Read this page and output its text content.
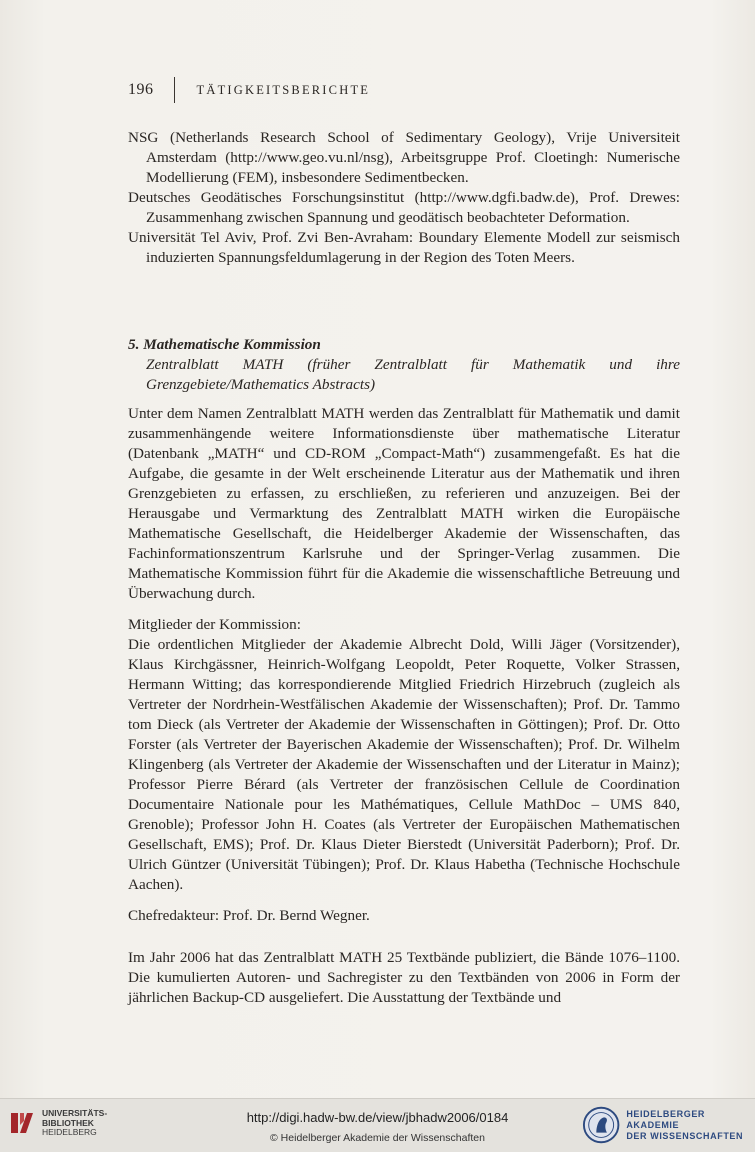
196	TÄTIGKEITSBERICHTE

NSG (Netherlands Research School of Sedimentary Geology), Vrije Universiteit Amsterdam (http://www.geo.vu.nl/nsg), Arbeitsgruppe Prof. Cloetingh: Numerische Modellierung (FEM), insbesondere Sedimentbecken.

Deutsches Geodätisches Forschungsinstitut (http://www.dgfi.badw.de), Prof. Drewes: Zusammenhang zwischen Spannung und geodätisch beobachteter Deformation.

Universität Tel Aviv, Prof. Zvi Ben-Avraham: Boundary Elemente Modell zur seismisch induzierten Spannungsfeldumlagerung in der Region des Toten Meers.

5. Mathematische Kommission

Zentralblatt MATH (früher Zentralblatt für Mathematik und ihre Grenzgebiete/Mathematics Abstracts)

Unter dem Namen Zentralblatt MATH werden das Zentralblatt für Mathematik und damit zusammenhängende weitere Informationsdienste über mathematische Literatur (Datenbank „MATH“ und CD-ROM „Compact-Math“) zusammengefaßt. Es hat die Aufgabe, die gesamte in der Welt erscheinende Literatur aus der Mathematik und ihren Grenzgebieten zu erfassen, zu erschließen, zu referieren und anzuzeigen. Bei der Herausgabe und Vermarktung des Zentralblatt MATH wirken die Europäische Mathematische Gesellschaft, die Heidelberger Akademie der Wissenschaften, das Fachinformationszentrum Karlsruhe und der Springer-Verlag zusammen. Die Mathematische Kommission führt für die Akademie die wissenschaftliche Betreuung und Überwachung durch.

Mitglieder der Kommission:

Die ordentlichen Mitglieder der Akademie Albrecht Dold, Willi Jäger (Vorsitzender), Klaus Kirchgässner, Heinrich-Wolfgang Leopoldt, Peter Roquette, Volker Strassen, Hermann Witting; das korrespondierende Mitglied Friedrich Hirzebruch (zugleich als Vertreter der Nordrhein-Westfälischen Akademie der Wissenschaften); Prof. Dr. Tammo tom Dieck (als Vertreter der Akademie der Wissenschaften in Göttingen); Prof. Dr. Otto Forster (als Vertreter der Bayerischen Akademie der Wissenschaften); Prof. Dr. Wilhelm Klingenberg (als Vertreter der Akademie der Wissenschaften und der Literatur in Mainz); Professor Pierre Bérard (als Vertreter der französischen Cellule de Coordination Documentaire Nationale pour les Mathématiques, Cellule MathDoc – UMS 840, Grenoble); Professor John H. Coates (als Vertreter der Europäischen Mathematischen Gesellschaft, EMS); Prof. Dr. Klaus Dieter Bierstedt (Universität Paderborn); Prof. Dr. Ulrich Güntzer (Universität Tübingen); Prof. Dr. Klaus Habetha (Technische Hochschule Aachen).

Chefredakteur: Prof. Dr. Bernd Wegner.

Im Jahr 2006 hat das Zentralblatt MATH 25 Textbände publiziert, die Bände 1076–1100. Die kumulierten Autoren- und Sachregister zu den Textbänden von 2006 in Form der jährlichen Backup-CD ausgeliefert. Die Ausstattung der Textbände und

UNIVERSITÄTS-
BIBLIOTHEK
HEIDELBERG
http://digi.hadw-bw.de/view/jbhadw2006/0184
© Heidelberger Akademie der Wissenschaften
HEIDELBERGER AKADEMIE
DER WISSENSCHAFTEN
